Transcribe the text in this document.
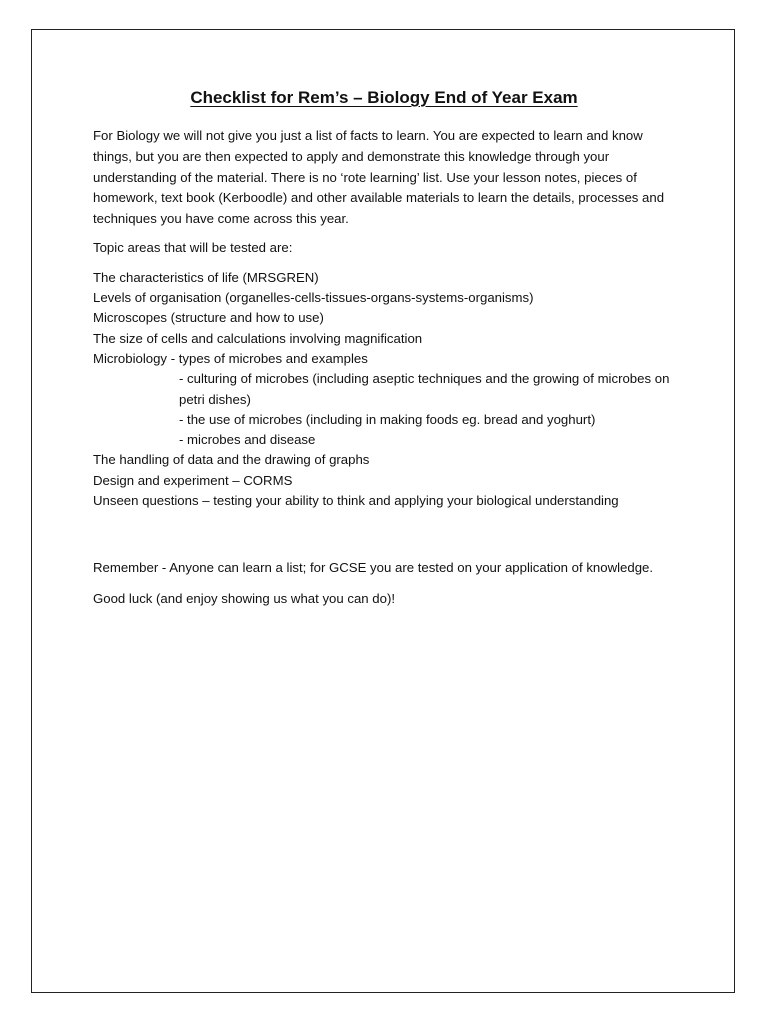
Checklist for Rem’s – Biology End of Year Exam

For Biology we will not give you just a list of facts to learn. You are expected to learn and know things, but you are then expected to apply and demonstrate this knowledge through your understanding of the material. There is no ‘rote learning’ list. Use your lesson notes, pieces of homework, text book (Kerboodle) and other available materials to learn the details, processes and techniques you have come across this year.

Topic areas that will be tested are:

The characteristics of life (MRSGREN)
Levels of organisation (organelles-cells-tissues-organs-systems-organisms)
Microscopes (structure and how to use)
The size of cells and calculations involving magnification
Microbiology - types of microbes and examples
- culturing of microbes (including aseptic techniques and the growing of microbes on petri dishes)
- the use of microbes (including in making foods eg. bread and yoghurt)
- microbes and disease
The handling of data and the drawing of graphs
Design and experiment – CORMS
Unseen questions – testing your ability to think and applying your biological understanding

Remember - Anyone can learn a list; for GCSE you are tested on your application of knowledge.

Good luck (and enjoy showing us what you can do)!
